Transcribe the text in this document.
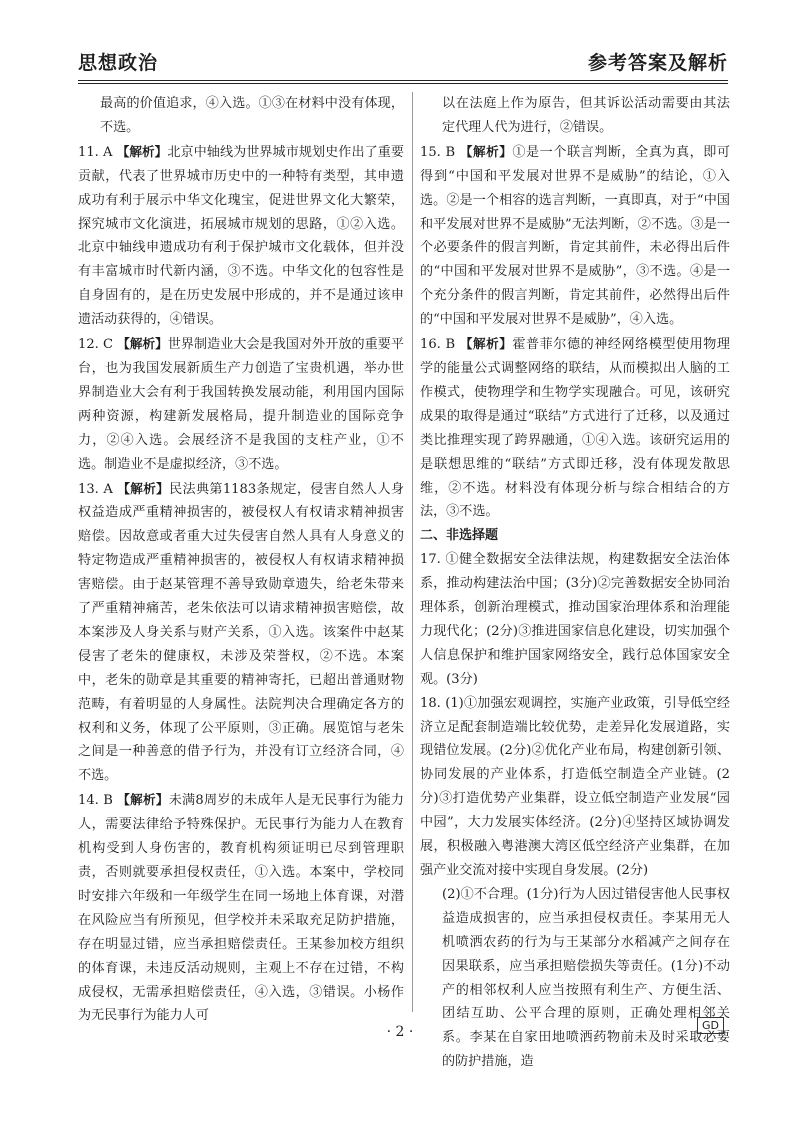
思想政治	参考答案及解析

最高的价值追求，④入选。①③在材料中没有体现，不选。

11. A 【解析】北京中轴线为世界城市规划史作出了重要贡献，代表了世界城市历史中的一种特有类型，其申遗成功有利于展示中华文化瑰宝，促进世界文化大繁荣，探究城市文化演进，拓展城市规划的思路，①②入选。北京中轴线申遗成功有利于保护城市文化载体，但并没有丰富城市时代新内涵，③不选。中华文化的包容性是自身固有的，是在历史发展中形成的，并不是通过该申遗活动获得的，④错误。

12. C 【解析】世界制造业大会是我国对外开放的重要平台，也为我国发展新质生产力创造了宝贵机遇，举办世界制造业大会有利于我国转换发展动能，利用国内国际两种资源，构建新发展格局，提升制造业的国际竞争力，②④入选。会展经济不是我国的支柱产业，①不选。制造业不是虚拟经济，③不选。

13. A 【解析】民法典第1183条规定，侵害自然人人身权益造成严重精神损害的，被侵权人有权请求精神损害赔偿。因故意或者重大过失侵害自然人具有人身意义的特定物造成严重精神损害的，被侵权人有权请求精神损害赔偿。由于赵某管理不善导致勋章遗失，给老朱带来了严重精神痛苦，老朱依法可以请求精神损害赔偿，故本案涉及人身关系与财产关系，①入选。该案件中赵某侵害了老朱的健康权，未涉及荣誉权，②不选。本案中，老朱的勋章是其重要的精神寄托，已超出普通财物范畴，有着明显的人身属性。法院判决合理确定各方的权利和义务，体现了公平原则，③正确。展览馆与老朱之间是一种善意的借予行为，并没有订立经济合同，④不选。

14. B 【解析】未满8周岁的未成年人是无民事行为能力人，需要法律给予特殊保护。无民事行为能力人在教育机构受到人身伤害的，教育机构须证明已尽到管理职责，否则就要承担侵权责任，①入选。本案中，学校同时安排六年级和一年级学生在同一场地上体育课，对潜在风险应当有所预见，但学校并未采取充足防护措施，存在明显过错，应当承担赔偿责任。王某参加校方组织的体育课，未违反活动规则，主观上不存在过错，不构成侵权，无需承担赔偿责任，④入选，③错误。小杨作为无民事行为能力人可

以在法庭上作为原告，但其诉讼活动需要由其法定代理人代为进行，②错误。

15. B 【解析】①是一个联言判断，全真为真，即可得到“中国和平发展对世界不是威胁”的结论，①入选。②是一个相容的选言判断，一真即真，对于“中国和平发展对世界不是威胁”无法判断，②不选。③是一个必要条件的假言判断，肯定其前件，未必得出后件的“中国和平发展对世界不是威胁”，③不选。④是一个充分条件的假言判断，肯定其前件，必然得出后件的“中国和平发展对世界不是威胁”，④入选。

16. B 【解析】霍普菲尔德的神经网络模型使用物理学的能量公式调整网络的联结，从而模拟出人脑的工作模式，使物理学和生物学实现融合。可见，该研究成果的取得是通过“联结”方式进行了迁移，以及通过类比推理实现了跨界融通，①④入选。该研究运用的是联想思维的“联结”方式即迁移，没有体现发散思维，②不选。材料没有体现分析与综合相结合的方法，③不选。

二、非选择题

17. ①健全数据安全法律法规，构建数据安全法治体系，推动构建法治中国；(3分)②完善数据安全协同治理体系，创新治理模式，推动国家治理体系和治理能力现代化；(2分)③推进国家信息化建设，切实加强个人信息保护和维护国家网络安全，践行总体国家安全观。(3分)

18. (1)①加强宏观调控，实施产业政策，引导低空经济立足配套制造端比较优势，走差异化发展道路，实现错位发展。(2分)②优化产业布局，构建创新引领、协同发展的产业体系，打造低空制造全产业链。(2分)③打造优势产业集群，设立低空制造产业发展“园中园”，大力发展实体经济。(2分)④坚持区域协调发展，积极融入粤港澳大湾区低空经济产业集群，在加强产业交流对接中实现自身发展。(2分)

(2)①不合理。(1分)行为人因过错侵害他人民事权益造成损害的，应当承担侵权责任。李某用无人机喷洒农药的行为与王某部分水稻减产之间存在因果联系，应当承担赔偿损失等责任。(1分)不动产的相邻权利人应当按照有利生产、方便生活、团结互助、公平合理的原则，正确处理相邻关系。李某在自家田地喷洒药物前未及时采取必要的防护措施，造

· 2 ·	GD
